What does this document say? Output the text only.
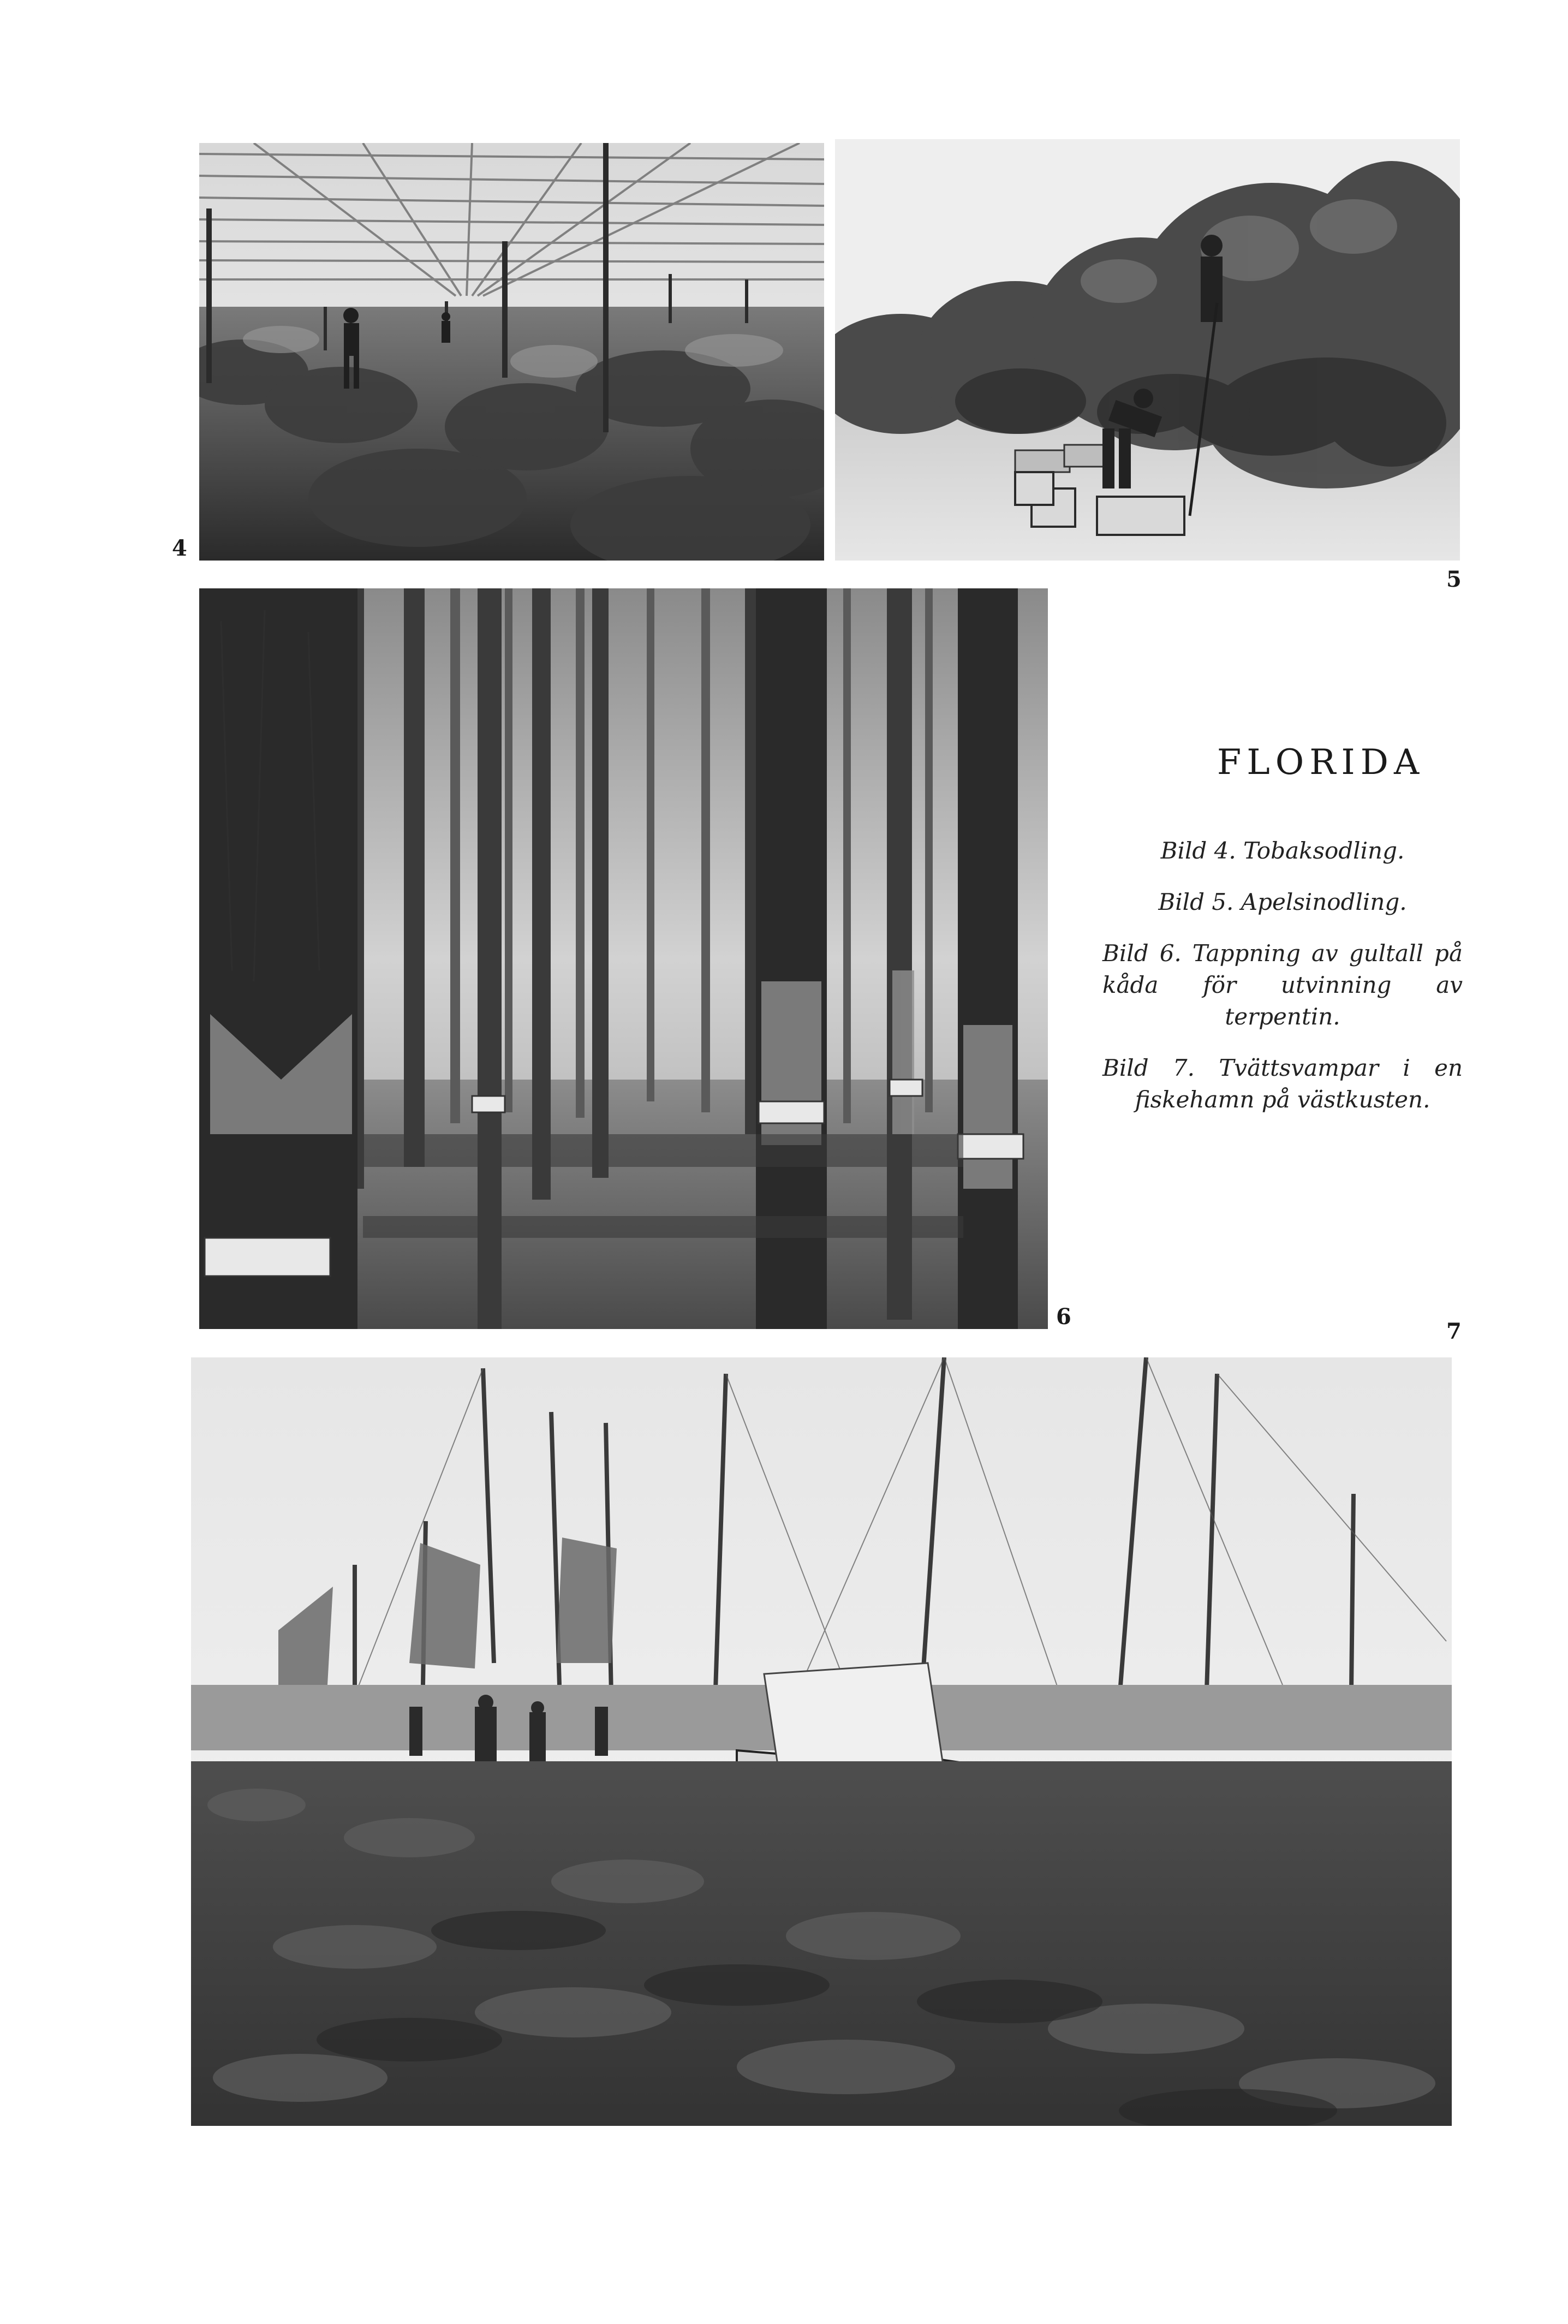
4
5
6
7
FLORIDA

Bild 4. Tobaksodling.

Bild 5. Apelsinodling.

Bild 6. Tappning av gultall på kåda för utvinning av terpentin.

Bild 7. Tvättsvampar i en fiskehamn på västkusten.
